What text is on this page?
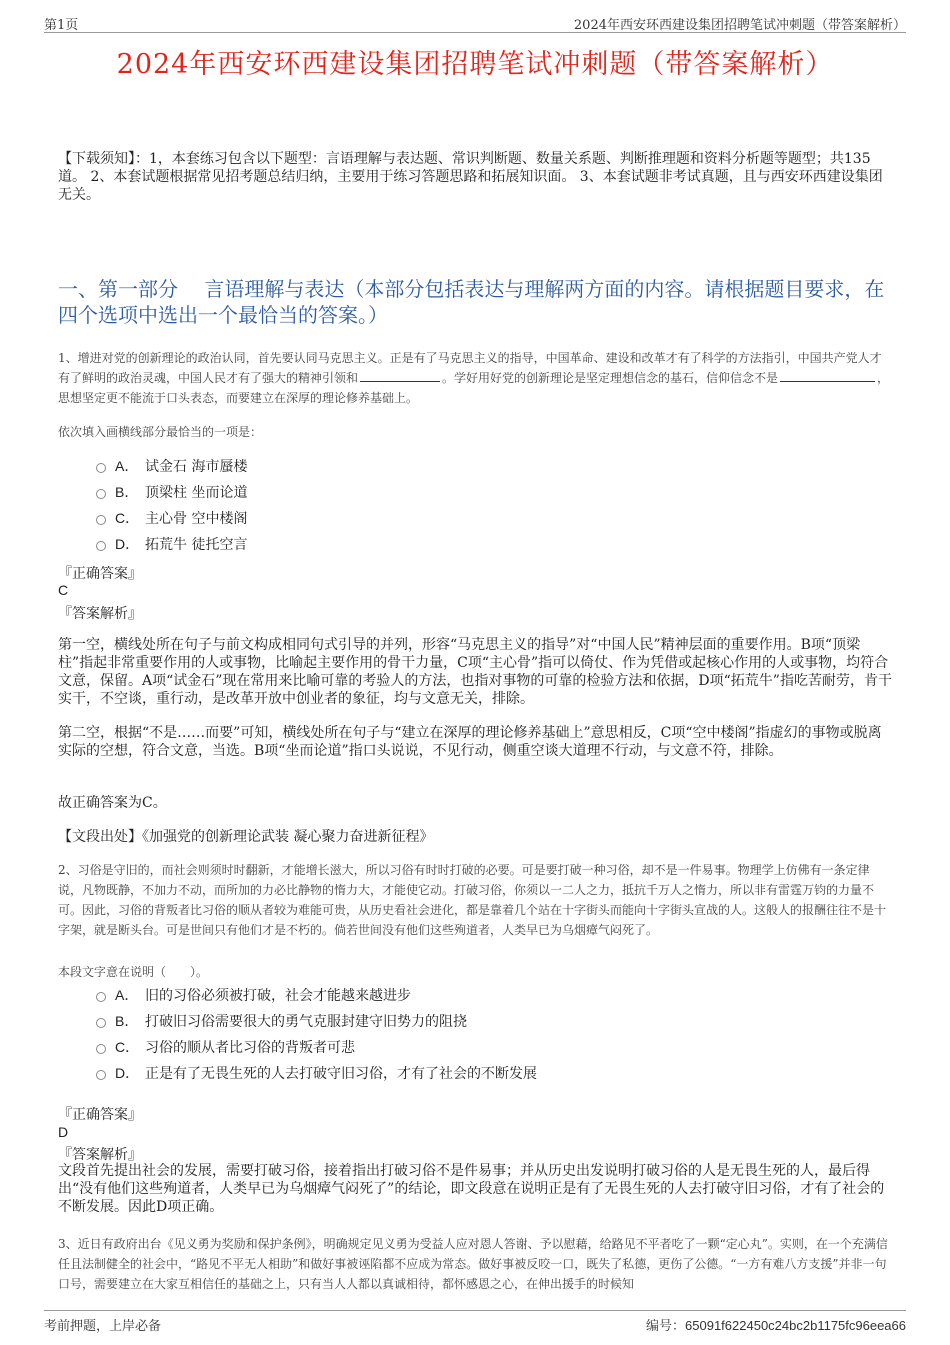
第1页	2024年西安环西建设集团招聘笔试冲刺题（带答案解析）
2024年西安环西建设集团招聘笔试冲刺题（带答案解析）
【下载须知】：1，本套练习包含以下题型：言语理解与表达题、常识判断题、数量关系题、判断推理题和资料分析题等题型；共135道。 2、本套试题根据常见招考题总结归纳，主要用于练习答题思路和拓展知识面。 3、本套试题非考试真题，且与西安环西建设集团无关。
一、第一部分　 言语理解与表达（本部分包括表达与理解两方面的内容。请根据题目要求，在四个选项中选出一个最恰当的答案。）
1、增进对党的创新理论的政治认同，首先要认同马克思主义。正是有了马克思主义的指导，中国革命、建设和改革才有了科学的方法指引，中国共产党人才有了鲜明的政治灵魂，中国人民才有了强大的精神引领和	。学好用好党的创新理论是坚定理想信念的基石，信仰信念不是	，思想坚定更不能流于口头表态，而要建立在深厚的理论修养基础上。
依次填入画横线部分最恰当的一项是：
A． 试金石 海市蜃楼
B． 顶梁柱 坐而论道
C． 主心骨 空中楼阁
D． 拓荒牛 徒托空言
『正确答案』
C
『答案解析』
第一空，横线处所在句子与前文构成相同句式引导的并列，形容“马克思主义的指导”对“中国人民”精神层面的重要作用。B项“顶梁柱”指起非常重要作用的人或事物，比喻起主要作用的骨干力量，C项“主心骨”指可以倚仗、作为凭借或起核心作用的人或事物，均符合文意，保留。A项“试金石”现在常用来比喻可靠的考验人的方法，也指对事物的可靠的检验方法和依据，D项“拓荒牛”指吃苦耐劳，肯干实干，不空谈，重行动，是改革开放中创业者的象征，均与文意无关，排除。
第二空，根据“不是……而要”可知，横线处所在句子与“建立在深厚的理论修养基础上”意思相反，C项“空中楼阁”指虚幻的事物或脱离实际的空想，符合文意，当选。B项“坐而论道”指口头说说，不见行动，侧重空谈大道理不行动，与文意不符，排除。
故正确答案为C。
【文段出处】《加强党的创新理论武装 凝心聚力奋进新征程》
2、习俗是守旧的，而社会则须时时翻新，才能增长滋大，所以习俗有时时打破的必要。可是要打破一种习俗，却不是一件易事。物理学上仿佛有一条定律说，凡物既静，不加力不动，而所加的力必比静物的惰力大，才能使它动。打破习俗，你须以一二人之力，抵抗千万人之惰力，所以非有雷霆万钧的力量不可。因此，习俗的背叛者比习俗的顺从者较为难能可贵，从历史看社会进化，都是靠着几个站在十字街头而能向十字街头宣战的人。这般人的报酬往往不是十字架，就是断头台。可是世间只有他们才是不朽的。倘若世间没有他们这些殉道者，人类早已为乌烟瘴气闷死了。
本段文字意在说明（　　）。
A． 旧的习俗必须被打破，社会才能越来越进步
B． 打破旧习俗需要很大的勇气克服封建守旧势力的阻挠
C． 习俗的顺从者比习俗的背叛者可悲
D． 正是有了无畏生死的人去打破守旧习俗，才有了社会的不断发展
『正确答案』
D
『答案解析』
文段首先提出社会的发展，需要打破习俗，接着指出打破习俗不是件易事；并从历史出发说明打破习俗的人是无畏生死的人，最后得出“没有他们这些殉道者，人类早已为乌烟瘴气闷死了”的结论，即文段意在说明正是有了无畏生死的人去打破守旧习俗，才有了社会的不断发展。因此D项正确。
3、近日有政府出台《见义勇为奖励和保护条例》，明确规定见义勇为受益人应对恩人答谢、予以慰藉，给路见不平者吃了一颗“定心丸”。实则，在一个充满信任且法制健全的社会中，“路见不平无人相助”和做好事被诬陷都不应成为常态。做好事被反咬一口，既失了私德，更伤了公德。“一方有难八方支援”并非一句口号，需要建立在大家互相信任的基础之上，只有当人人都以真诚相待，都怀感恩之心，在伸出援手的时候知
考前押题，上岸必备	编号：65091f622450c24bc2b1175fc96eea66
